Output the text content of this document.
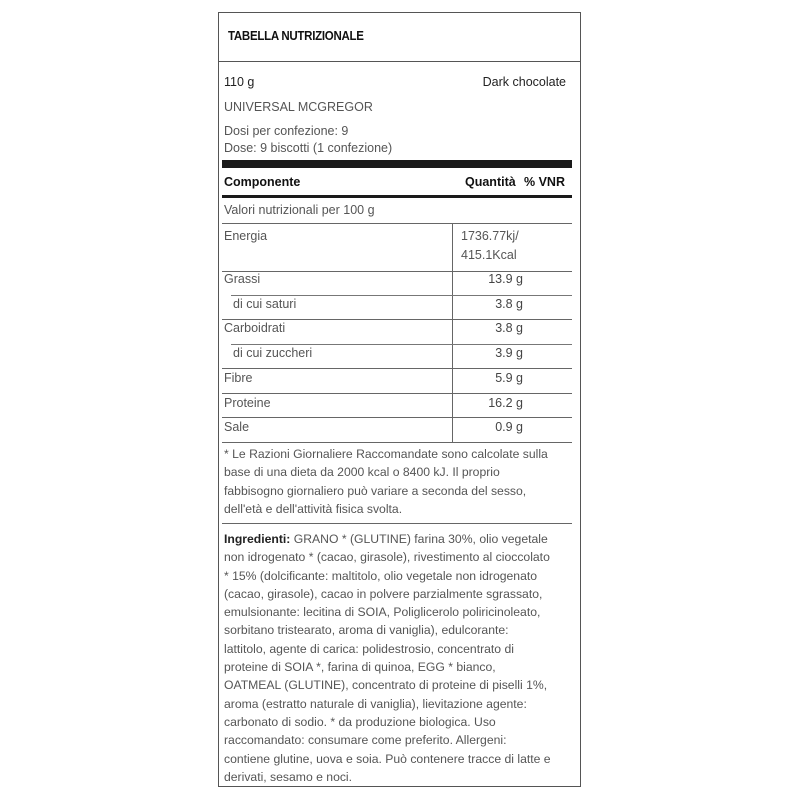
TABELLA NUTRIZIONALE
110 g	Dark chocolate
UNIVERSAL MCGREGOR
Dosi per confezione: 9
Dose: 9 biscotti (1 confezione)
Componente	Quantità % VNR
Valori nutrizionali per 100 g
Energia	1736.77kj/
415.1Kcal
Grassi	13.9 g
di cui saturi	3.8 g
Carboidrati	3.8 g
di cui zuccheri	3.9 g
Fibre	5.9 g
Proteine	16.2 g
Sale	0.9 g
* Le Razioni Giornaliere Raccomandate sono calcolate sulla
base di una dieta da 2000 kcal o 8400 kJ. Il proprio
fabbisogno giornaliero può variare a seconda del sesso,
dell'età e dell'attività fisica svolta.
Ingredienti: GRANO * (GLUTINE) farina 30%, olio vegetale
non idrogenato * (cacao, girasole), rivestimento al cioccolato
* 15% (dolcificante: maltitolo, olio vegetale non idrogenato
(cacao, girasole), cacao in polvere parzialmente sgrassato,
emulsionante: lecitina di SOIA, Poliglicerolo poliricinoleato,
sorbitano tristearato, aroma di vaniglia), edulcorante:
lattitolo, agente di carica: polidestrosio, concentrato di
proteine di SOIA *, farina di quinoa, EGG * bianco,
OATMEAL (GLUTINE), concentrato di proteine di piselli 1%,
aroma (estratto naturale di vaniglia), lievitazione agente:
carbonato di sodio. * da produzione biologica. Uso
raccomandato: consumare come preferito. Allergeni:
contiene glutine, uova e soia. Può contenere tracce di latte e
derivati, sesamo e noci.
